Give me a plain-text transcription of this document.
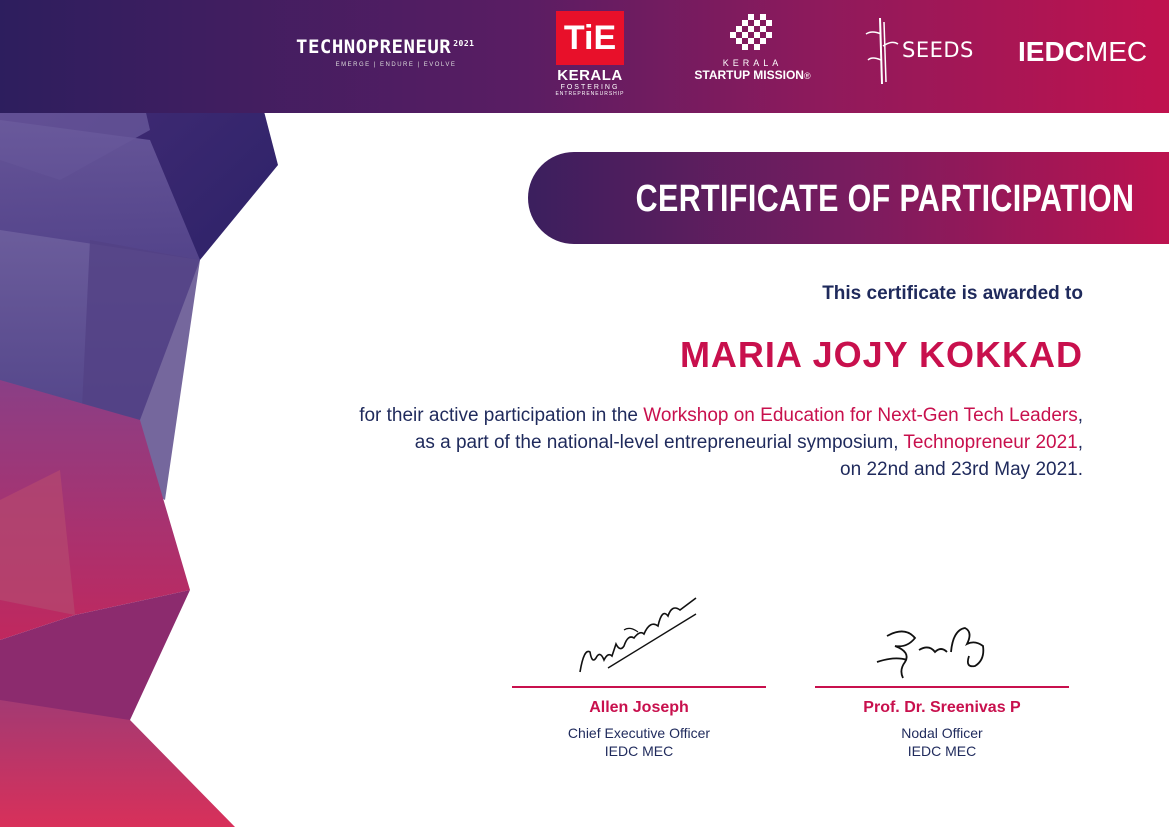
TECHNOPRENEUR $^{2021}$
EMERGE | ENDURE | EVOLVE
TiE
KERALA
FOSTERING
ENTREPRENEURSHIP
KERALA
STARTUP MISSION®
SEEDS IEDCMEC
CERTIFICATE OF PARTICIPATION
This certificate is awarded to
MARIA JOJY KOKKAD
for their active participation in the Workshop on Education for Next-Gen Tech Leaders,
as a part of the national-level entrepreneurial symposium, Technopreneur 2021,
on 22nd and 23rd May 2021.
Allen Joseph
Chief Executive Officer
IEDC MEC
Prof. Dr. Sreenivas P
Nodal Officer
IEDC MEC
